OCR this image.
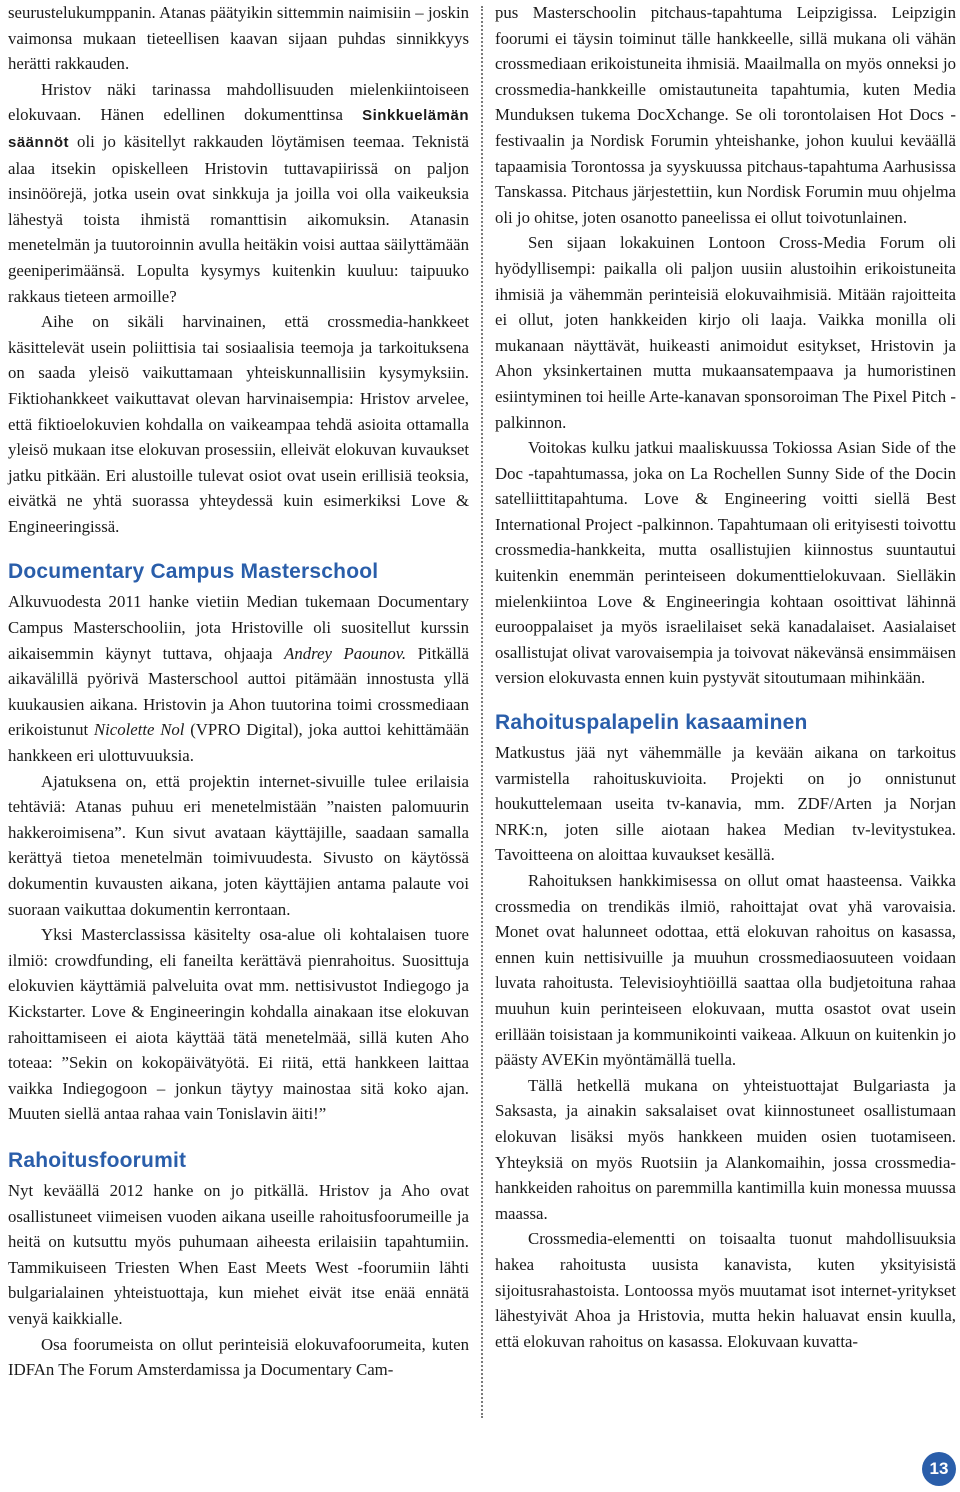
seurustelukumppanin. Atanas päätyikin sittemmin naimisiin – joskin vaimonsa mukaan tieteellisen kaavan sijaan puhdas sinnikkyys herätti rakkauden.

Hristov näki tarinassa mahdollisuuden mielenkiintoiseen elokuvaan. Hänen edellinen dokumenttinsa Sinkkuelämän säännöt oli jo käsitellyt rakkauden löytämisen teemaa. Teknistä alaa itsekin opiskelleen Hristovin tuttavapiirissä on paljon insinöörejä, jotka usein ovat sinkkuja ja joilla voi olla vaikeuksia lähestyä toista ihmistä romanttisin aikomuksin. Atanasin menetelmän ja tuutoroinnin avulla heitäkin voisi auttaa säilyttämään geeniperimäänsä. Lopulta kysymys kuitenkin kuuluu: taipuuko rakkaus tieteen armoille?

Aihe on sikäli harvinainen, että crossmedia-hankkeet käsittelevät usein poliittisia tai sosiaalisia teemoja ja tarkoituksena on saada yleisö vaikuttamaan yhteiskunnallisiin kysymyksiin. Fiktiohankkeet vaikuttavat olevan harvinaisempia: Hristov arvelee, että fiktioelokuvien kohdalla on vaikeampaa tehdä asioita ottamalla yleisö mukaan itse elokuvan prosessiin, elleivät elokuvan kuvaukset jatku pitkään. Eri alustoille tulevat osiot ovat usein erillisiä teoksia, eivätkä ne yhtä suorassa yhteydessä kuin esimerkiksi Love & Engineeringissä.

Documentary Campus Masterschool

Alkuvuodesta 2011 hanke vietiin Median tukemaan Documentary Campus Masterschooliin, jota Hristoville oli suositellut kurssin aikaisemmin käynyt tuttava, ohjaaja Andrey Paounov. Pitkällä aikavälillä pyörivä Masterschool auttoi pitämään innostusta yllä kuukausien aikana. Hristovin ja Ahon tuutorina toimi crossmediaan erikoistunut Nicolette Nol (VPRO Digital), joka auttoi kehittämään hankkeen eri ulottuvuuksia.

Ajatuksena on, että projektin internet-sivuille tulee erilaisia tehtäviä: Atanas puhuu eri menetelmistään ”naisten palomuurin hakkeroimisena”. Kun sivut avataan käyttäjille, saadaan samalla kerättyä tietoa menetelmän toimivuudesta. Sivusto on käytössä dokumentin kuvausten aikana, joten käyttäjien antama palaute voi suoraan vaikuttaa dokumentin kerrontaan.

Yksi Masterclassissa käsitelty osa-alue oli kohtalaisen tuore ilmiö: crowdfunding, eli faneilta kerättävä pienrahoitus. Suosittuja elokuvien käyttämiä palveluita ovat mm. nettisivustot Indiegogo ja Kickstarter. Love & Engineeringin kohdalla ainakaan itse elokuvan rahoittamiseen ei aiota käyttää tätä menetelmää, sillä kuten Aho toteaa: ”Sekin on kokopäivätyötä. Ei riitä, että hankkeen laittaa vaikka Indiegogoon – jonkun täytyy mainostaa sitä koko ajan. Muuten siellä antaa rahaa vain Tonislavin äiti!”

Rahoitusfoorumit

Nyt keväällä 2012 hanke on jo pitkällä. Hristov ja Aho ovat osallistuneet viimeisen vuoden aikana useille rahoitusfoorumeille ja heitä on kutsuttu myös puhumaan aiheesta erilaisiin tapahtumiin. Tammikuiseen Triesten When East Meets West -foorumiin lähti bulgarialainen yhteistuottaja, kun miehet eivät itse enää ennätä venyä kaikkialle.

Osa foorumeista on ollut perinteisiä elokuvafoorumeita, kuten IDFAn The Forum Amsterdamissa ja Documentary Cam-

pus Masterschoolin pitchaus-tapahtuma Leipzigissa. Leipzigin foorumi ei täysin toiminut tälle hankkeelle, sillä mukana oli vähän crossmediaan erikoistuneita ihmisiä. Maailmalla on myös onneksi jo crossmedia-hankkeille omistautuneita tapahtumia, kuten Media Munduksen tukema DocXchange. Se oli torontolaisen Hot Docs -festivaalin ja Nordisk Forumin yhteishanke, johon kuului keväällä tapaamisia Torontossa ja syyskuussa pitchaus-tapahtuma Aarhusissa Tanskassa. Pitchaus järjestettiin, kun Nordisk Forumin muu ohjelma oli jo ohitse, joten osanotto paneelissa ei ollut toivotunlainen.

Sen sijaan lokakuinen Lontoon Cross-Media Forum oli hyödyllisempi: paikalla oli paljon uusiin alustoihin erikoistuneita ihmisiä ja vähemmän perinteisiä elokuvaihmisiä. Mitään rajoitteita ei ollut, joten hankkeiden kirjo oli laaja. Vaikka monilla oli mukanaan näyttävät, huikeasti animoidut esitykset, Hristovin ja Ahon yksinkertainen mutta mukaansatempaava ja humoristinen esiintyminen toi heille Arte-kanavan sponsoroiman The Pixel Pitch -palkinnon.

Voitokas kulku jatkui maaliskuussa Tokiossa Asian Side of the Doc -tapahtumassa, joka on La Rochellen Sunny Side of the Docin satelliittitapahtuma. Love & Engineering voitti siellä Best International Project -palkinnon. Tapahtumaan oli erityisesti toivottu crossmedia-hankkeita, mutta osallistujien kiinnostus suuntautui kuitenkin enemmän perinteiseen dokumenttielokuvaan. Sielläkin mielenkiintoa Love & Engineeringia kohtaan osoittivat lähinnä eurooppalaiset ja myös israelilaiset sekä kanadalaiset. Aasialaiset osallistujat olivat varovaisempia ja toivovat näkevänsä ensimmäisen version elokuvasta ennen kuin pystyvät sitoutumaan mihinkään.

Rahoituspalapelin kasaaminen

Matkustus jää nyt vähemmälle ja kevään aikana on tarkoitus varmistella rahoituskuvioita. Projekti on jo onnistunut houkuttelemaan useita tv-kanavia, mm. ZDF/Arten ja Norjan NRK:n, joten sille aiotaan hakea Median tv-levitystukea. Tavoitteena on aloittaa kuvaukset kesällä.

Rahoituksen hankkimisessa on ollut omat haasteensa. Vaikka crossmedia on trendikäs ilmiö, rahoittajat ovat yhä varovaisia. Monet ovat halunneet odottaa, että elokuvan rahoitus on kasassa, ennen kuin nettisivuille ja muuhun crossmediaosuuteen voidaan luvata rahoitusta. Televisioyhtiöillä saattaa olla budjetoituna rahaa muuhun kuin perinteiseen elokuvaan, mutta osastot ovat usein erillään toisistaan ja kommunikointi vaikeaa. Alkuun on kuitenkin jo päästy AVEKin myöntämällä tuella.

Tällä hetkellä mukana on yhteistuottajat Bulgariasta ja Saksasta, ja ainakin saksalaiset ovat kiinnostuneet osallistumaan elokuvan lisäksi myös hankkeen muiden osien tuotamiseen. Yhteyksiä on myös Ruotsiin ja Alankomaihin, jossa crossmedia-hankkeiden rahoitus on paremmilla kantimilla kuin monessa muussa maassa.

Crossmedia-elementti on toisaalta tuonut mahdollisuuksia hakea rahoitusta uusista kanavista, kuten yksityisistä sijoitusrahastoista. Lontoossa myös muutamat isot internet-yritykset lähestyivät Ahoa ja Hristovia, mutta hekin haluavat ensin kuulla, että elokuvan rahoitus on kasassa. Elokuvaan kuvatta-

13
